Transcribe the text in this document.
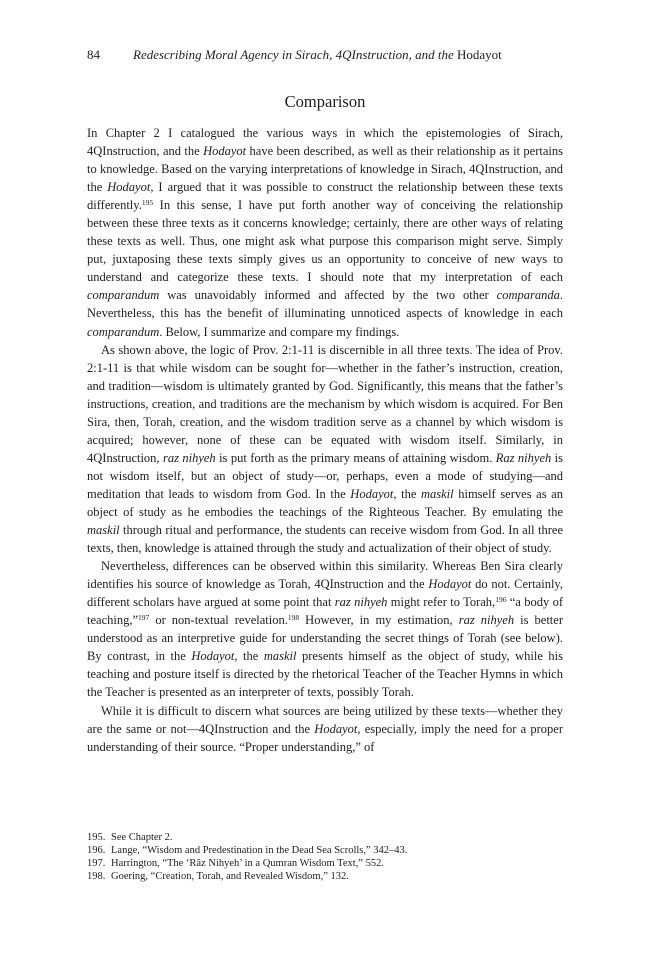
84	Redescribing Moral Agency in Sirach, 4QInstruction, and the Hodayot
Comparison

In Chapter 2 I catalogued the various ways in which the epistemologies of Sirach, 4QInstruction, and the Hodayot have been described, as well as their relationship as it pertains to knowledge. Based on the varying interpretations of knowledge in Sirach, 4QInstruction, and the Hodayot, I argued that it was possible to construct the relationship between these texts differently.$^{195}$ In this sense, I have put forth another way of conceiving the relationship between these three texts as it concerns knowledge; certainly, there are other ways of relating these texts as well. Thus, one might ask what purpose this comparison might serve. Simply put, juxtaposing these texts simply gives us an opportunity to conceive of new ways to understand and categorize these texts. I should note that my interpretation of each comparandum was unavoidably informed and affected by the two other comparanda. Nevertheless, this has the benefit of illuminating unnoticed aspects of knowledge in each comparandum. Below, I summarize and compare my findings.

As shown above, the logic of Prov. 2:1-11 is discernible in all three texts. The idea of Prov. 2:1-11 is that while wisdom can be sought for—whether in the father’s instruction, creation, and tradition—wisdom is ultimately granted by God. Significantly, this means that the father’s instructions, creation, and traditions are the mechanism by which wisdom is acquired. For Ben Sira, then, Torah, creation, and the wisdom tradition serve as a channel by which wisdom is acquired; however, none of these can be equated with wisdom itself. Similarly, in 4QInstruction, raz nihyeh is put forth as the primary means of attaining wisdom. Raz nihyeh is not wisdom itself, but an object of study—or, perhaps, even a mode of studying—and meditation that leads to wisdom from God. In the Hodayot, the maskil himself serves as an object of study as he embodies the teachings of the Righteous Teacher. By emulating the maskil through ritual and performance, the students can receive wisdom from God. In all three texts, then, knowledge is attained through the study and actualization of their object of study.

Nevertheless, differences can be observed within this similarity. Whereas Ben Sira clearly identifies his source of knowledge as Torah, 4QInstruction and the Hodayot do not. Certainly, different scholars have argued at some point that raz nihyeh might refer to Torah,$^{196}$ “a body of teaching,”$^{197}$ or non-textual revelation.$^{198}$ However, in my estimation, raz nihyeh is better understood as an interpretive guide for understanding the secret things of Torah (see below). By contrast, in the Hodayot, the maskil presents himself as the object of study, while his teaching and posture itself is directed by the rhetorical Teacher of the Teacher Hymns in which the Teacher is presented as an interpreter of texts, possibly Torah.

While it is difficult to discern what sources are being utilized by these texts—whether they are the same or not—4QInstruction and the Hodayot, especially, imply the need for a proper understanding of their source. “Proper understanding,” of

195. See Chapter 2.
196. Lange, “Wisdom and Predestination in the Dead Sea Scrolls,” 342–43.
197. Harrington, “The ‘Râz Nihyeh’ in a Qumran Wisdom Text,” 552.
198. Goering, “Creation, Torah, and Revealed Wisdom,” 132.
